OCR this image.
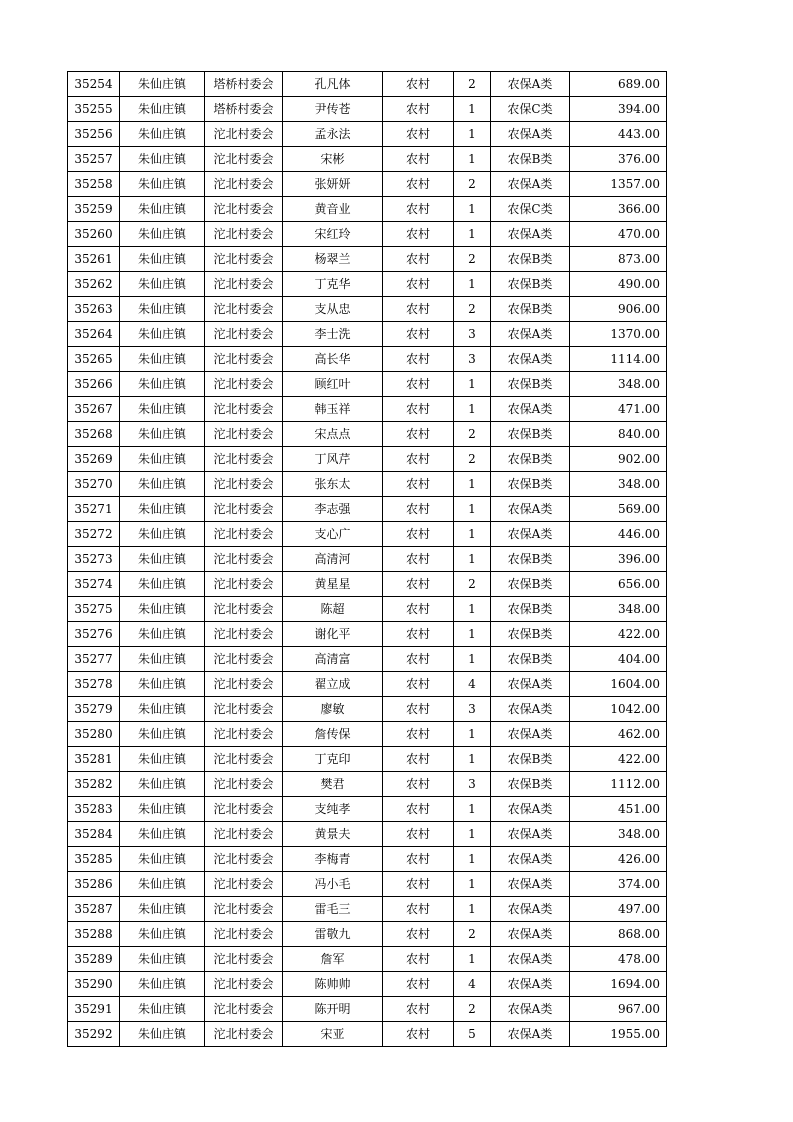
35254	朱仙庄镇	塔桥村委会	孔凡体	农村	2	农保A类	689.00
35255	朱仙庄镇	塔桥村委会	尹传苍	农村	1	农保C类	394.00
35256	朱仙庄镇	沱北村委会	孟永法	农村	1	农保A类	443.00
35257	朱仙庄镇	沱北村委会	宋彬	农村	1	农保B类	376.00
35258	朱仙庄镇	沱北村委会	张妍妍	农村	2	农保A类	1357.00
35259	朱仙庄镇	沱北村委会	黄音业	农村	1	农保C类	366.00
35260	朱仙庄镇	沱北村委会	宋红玲	农村	1	农保A类	470.00
35261	朱仙庄镇	沱北村委会	杨翠兰	农村	2	农保B类	873.00
35262	朱仙庄镇	沱北村委会	丁克华	农村	1	农保B类	490.00
35263	朱仙庄镇	沱北村委会	支从忠	农村	2	农保B类	906.00
35264	朱仙庄镇	沱北村委会	李士洗	农村	3	农保A类	1370.00
35265	朱仙庄镇	沱北村委会	高长华	农村	3	农保A类	1114.00
35266	朱仙庄镇	沱北村委会	顾红叶	农村	1	农保B类	348.00
35267	朱仙庄镇	沱北村委会	韩玉祥	农村	1	农保A类	471.00
35268	朱仙庄镇	沱北村委会	宋点点	农村	2	农保B类	840.00
35269	朱仙庄镇	沱北村委会	丁风芹	农村	2	农保B类	902.00
35270	朱仙庄镇	沱北村委会	张东太	农村	1	农保B类	348.00
35271	朱仙庄镇	沱北村委会	李志强	农村	1	农保A类	569.00
35272	朱仙庄镇	沱北村委会	支心广	农村	1	农保A类	446.00
35273	朱仙庄镇	沱北村委会	高清河	农村	1	农保B类	396.00
35274	朱仙庄镇	沱北村委会	黄星星	农村	2	农保B类	656.00
35275	朱仙庄镇	沱北村委会	陈超	农村	1	农保B类	348.00
35276	朱仙庄镇	沱北村委会	谢化平	农村	1	农保B类	422.00
35277	朱仙庄镇	沱北村委会	高清富	农村	1	农保B类	404.00
35278	朱仙庄镇	沱北村委会	翟立成	农村	4	农保A类	1604.00
35279	朱仙庄镇	沱北村委会	廖敏	农村	3	农保A类	1042.00
35280	朱仙庄镇	沱北村委会	詹传保	农村	1	农保A类	462.00
35281	朱仙庄镇	沱北村委会	丁克印	农村	1	农保B类	422.00
35282	朱仙庄镇	沱北村委会	樊君	农村	3	农保B类	1112.00
35283	朱仙庄镇	沱北村委会	支纯孝	农村	1	农保A类	451.00
35284	朱仙庄镇	沱北村委会	黄景夫	农村	1	农保A类	348.00
35285	朱仙庄镇	沱北村委会	李梅青	农村	1	农保A类	426.00
35286	朱仙庄镇	沱北村委会	冯小毛	农村	1	农保A类	374.00
35287	朱仙庄镇	沱北村委会	雷毛三	农村	1	农保A类	497.00
35288	朱仙庄镇	沱北村委会	雷敬九	农村	2	农保A类	868.00
35289	朱仙庄镇	沱北村委会	詹军	农村	1	农保A类	478.00
35290	朱仙庄镇	沱北村委会	陈帅帅	农村	4	农保A类	1694.00
35291	朱仙庄镇	沱北村委会	陈开明	农村	2	农保A类	967.00
35292	朱仙庄镇	沱北村委会	宋亚	农村	5	农保A类	1955.00
